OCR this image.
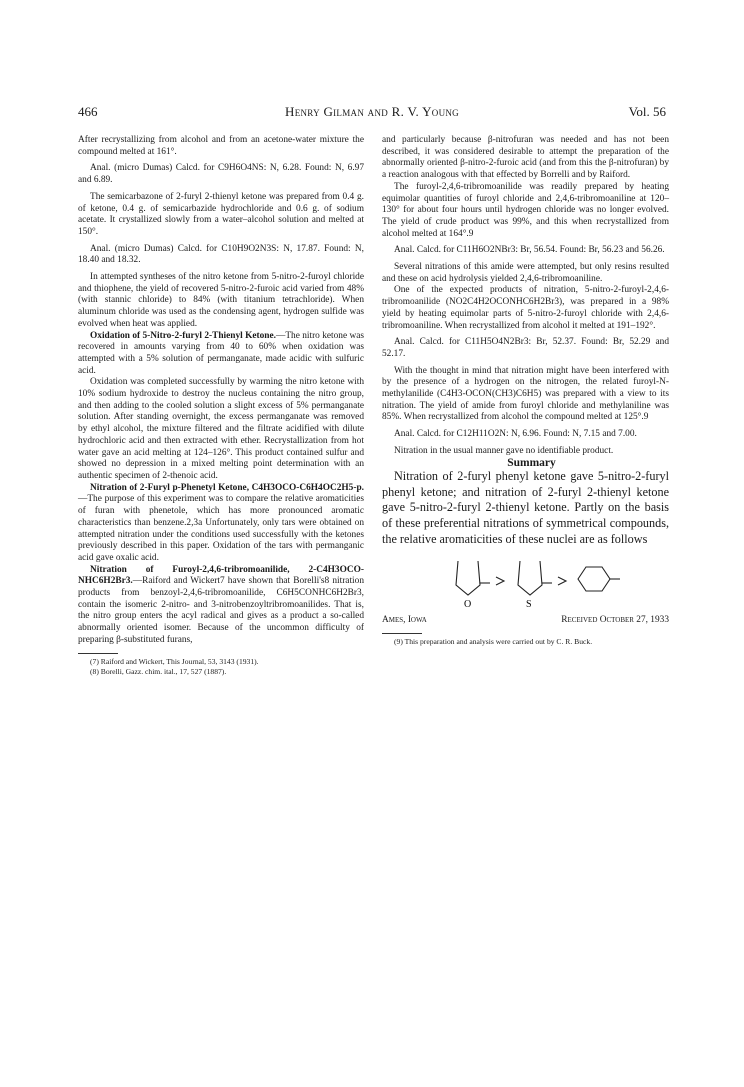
466	Henry Gilman and R. V. Young	Vol. 56

After recrystallizing from alcohol and from an acetone-water mixture the compound melted at 161°.

Anal. (micro Dumas) Calcd. for C9H6O4NS: N, 6.28. Found: N, 6.97 and 6.89.

The semicarbazone of 2-furyl 2-thienyl ketone was prepared from 0.4 g. of ketone, 0.4 g. of semicarbazide hydrochloride and 0.6 g. of sodium acetate. It crystallized slowly from a water–alcohol solution and melted at 150°.

Anal. (micro Dumas) Calcd. for C10H9O2N3S: N, 17.87. Found: N, 18.40 and 18.32.

In attempted syntheses of the nitro ketone from 5-nitro-2-furoyl chloride and thiophene, the yield of recovered 5-nitro-2-furoic acid varied from 48% (with stannic chloride) to 84% (with titanium tetrachloride). When aluminum chloride was used as the condensing agent, hydrogen sulfide was evolved when heat was applied.

Oxidation of 5-Nitro-2-furyl 2-Thienyl Ketone.—The nitro ketone was recovered in amounts varying from 40 to 60% when oxidation was attempted with a 5% solution of permanganate, made acidic with sulfuric acid.

Oxidation was completed successfully by warming the nitro ketone with 10% sodium hydroxide to destroy the nucleus containing the nitro group, and then adding to the cooled solution a slight excess of 5% permanganate solution. After standing overnight, the excess permanganate was removed by ethyl alcohol, the mixture filtered and the filtrate acidified with dilute hydrochloric acid and then extracted with ether. Recrystallization from hot water gave an acid melting at 124–126°. This product contained sulfur and showed no depression in a mixed melting point determination with an authentic specimen of 2-thenoic acid.

Nitration of 2-Furyl p-Phenetyl Ketone, C4H3OCO-C6H4OC2H5-p.—The purpose of this experiment was to compare the relative aromaticities of furan with phenetole, which has more pronounced aromatic characteristics than benzene.2,3a Unfortunately, only tars were obtained on attempted nitration under the conditions used successfully with the ketones previously described in this paper. Oxidation of the tars with permanganic acid gave oxalic acid.

Nitration of Furoyl-2,4,6-tribromoanilide, 2-C4H3OCO-NHC6H2Br3.—Raiford and Wickert7 have shown that Borelli's8 nitration products from benzoyl-2,4,6-tribromoanilide, C6H5CONHC6H2Br3, contain the isomeric 2-nitro- and 3-nitrobenzoyltribromoanilides. That is, the nitro group enters the acyl radical and gives as a product a so-called abnormally oriented isomer. Because of the uncommon difficulty of preparing β-substituted furans,

(7) Raiford and Wickert, This Journal, 53, 3143 (1931).

(8) Borelli, Gazz. chim. ital., 17, 527 (1887).

and particularly because β-nitrofuran was needed and has not been described, it was considered desirable to attempt the preparation of the abnormally oriented β-nitro-2-furoic acid (and from this the β-nitrofuran) by a reaction analogous with that effected by Borrelli and by Raiford.

The furoyl-2,4,6-tribromoanilide was readily prepared by heating equimolar quantities of furoyl chloride and 2,4,6-tribromoaniline at 120–130° for about four hours until hydrogen chloride was no longer evolved. The yield of crude product was 99%, and this when recrystallized from alcohol melted at 164°.9

Anal. Calcd. for C11H6O2NBr3: Br, 56.54. Found: Br, 56.23 and 56.26.

Several nitrations of this amide were attempted, but only resins resulted and these on acid hydrolysis yielded 2,4,6-tribromoaniline.

One of the expected products of nitration, 5-nitro-2-furoyl-2,4,6-tribromoanilide (NO2C4H2OCONHC6H2Br3), was prepared in a 98% yield by heating equimolar parts of 5-nitro-2-furoyl chloride with 2,4,6-tribromoaniline. When recrystallized from alcohol it melted at 191–192°.

Anal. Calcd. for C11H5O4N2Br3: Br, 52.37. Found: Br, 52.29 and 52.17.

With the thought in mind that nitration might have been interfered with by the presence of a hydrogen on the nitrogen, the related furoyl-N-methylanilide (C4H3-OCON(CH3)C6H5) was prepared with a view to its nitration. The yield of amide from furoyl chloride and methylaniline was 85%. When recrystallized from alcohol the compound melted at 125°.9

Anal. Calcd. for C12H11O2N: N, 6.96. Found: N, 7.15 and 7.00.

Nitration in the usual manner gave no identifiable product.

Summary

Nitration of 2-furyl phenyl ketone gave 5-nitro-2-furyl phenyl ketone; and nitration of 2-furyl 2-thienyl ketone gave 5-nitro-2-furyl 2-thienyl ketone. Partly on the basis of these preferential nitrations of symmetrical compounds, the relative aromaticities of these nuclei are as follows

O	S
Ames, Iowa	Received October 27, 1933

(9) This preparation and analysis were carried out by C. R. Buck.
